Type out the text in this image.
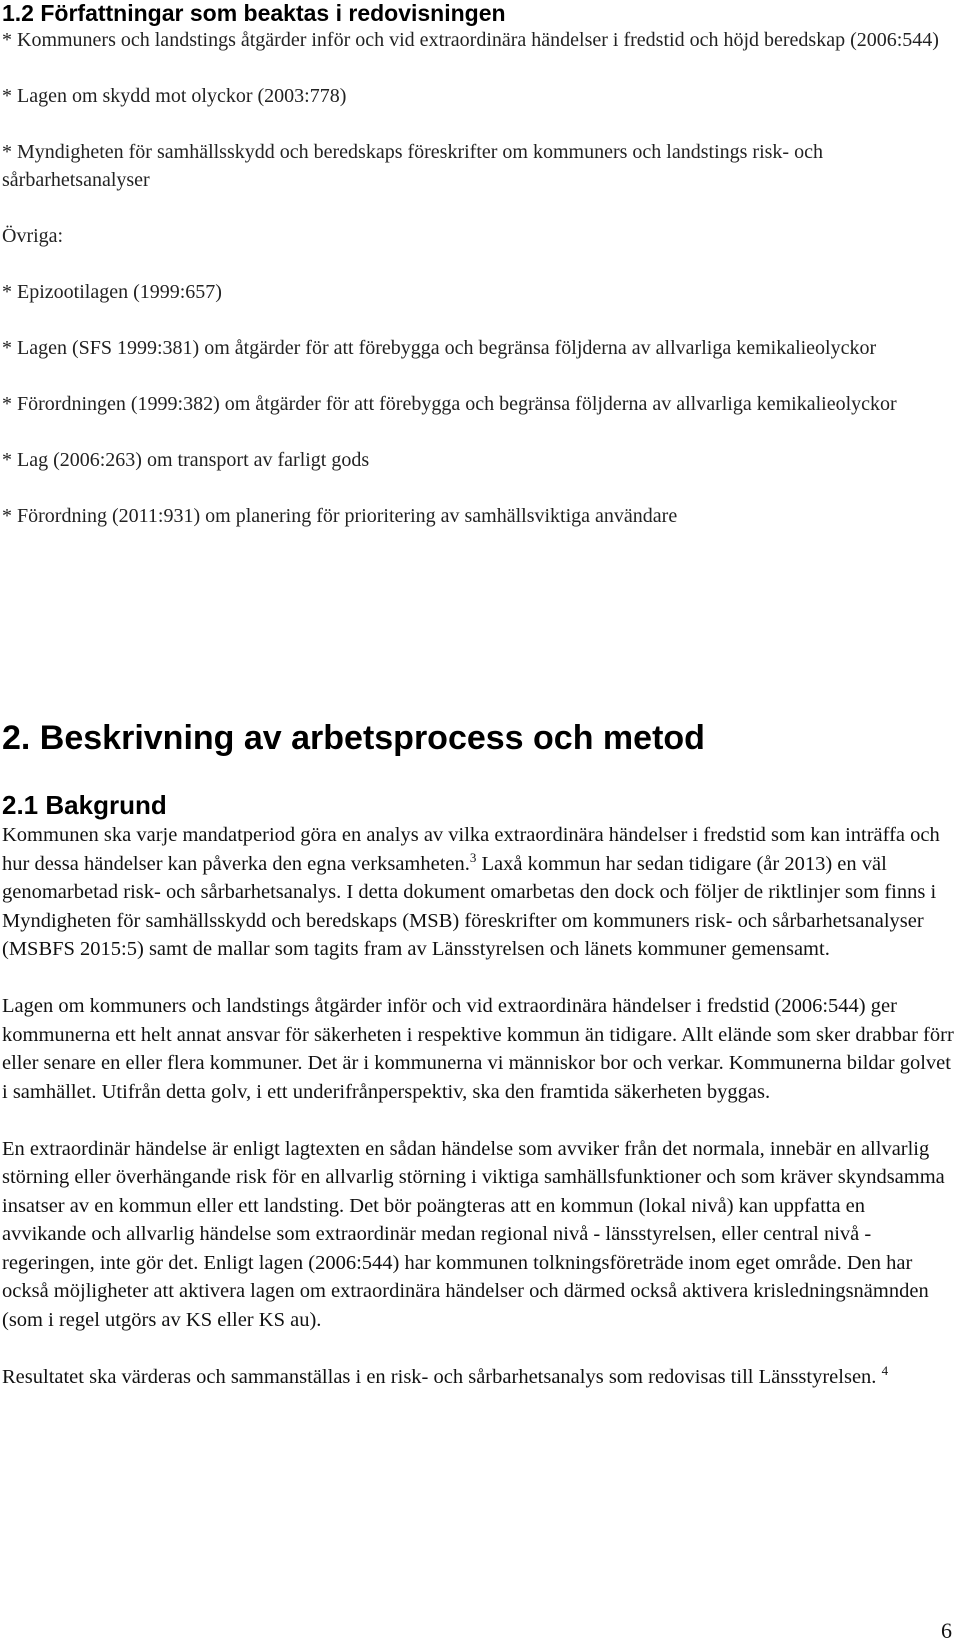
1.2 Författningar som beaktas i redovisningen

* Kommuners och landstings åtgärder inför och vid extraordinära händelser i fredstid och höjd beredskap (2006:544)

* Lagen om skydd mot olyckor (2003:778)

* Myndigheten för samhällsskydd och beredskaps föreskrifter om kommuners och landstings risk- och sårbarhetsanalyser

Övriga:

* Epizootilagen (1999:657)

* Lagen (SFS 1999:381) om åtgärder för att förebygga och begränsa följderna av allvarliga kemikalieolyckor

* Förordningen (1999:382) om åtgärder för att förebygga och begränsa följderna av allvarliga kemikalieolyckor

* Lag (2006:263) om transport av farligt gods

* Förordning (2011:931) om planering för prioritering av samhällsviktiga användare

2. Beskrivning av arbetsprocess och metod
2.1 Bakgrund

Kommunen ska varje mandatperiod göra en analys av vilka extraordinära händelser i fredstid som kan inträffa och hur dessa händelser kan påverka den egna verksamheten.$^3$ Laxå kommun har sedan tidigare (år 2013) en väl genomarbetad risk- och sårbarhetsanalys. I detta dokument omarbetas den dock och följer de riktlinjer som finns i Myndigheten för samhällsskydd och beredskaps (MSB) föreskrifter om kommuners risk- och sårbarhetsanalyser (MSBFS 2015:5) samt de mallar som tagits fram av Länsstyrelsen och länets kommuner gemensamt.

Lagen om kommuners och landstings åtgärder inför och vid extraordinära händelser i fredstid (2006:544) ger kommunerna ett helt annat ansvar för säkerheten i respektive kommun än tidigare. Allt elände som sker drabbar förr eller senare en eller flera kommuner. Det är i kommunerna vi människor bor och verkar. Kommunerna bildar golvet i samhället. Utifrån detta golv, i ett underifrånperspektiv, ska den framtida säkerheten byggas.

En extraordinär händelse är enligt lagtexten en sådan händelse som avviker från det normala, innebär en allvarlig störning eller överhängande risk för en allvarlig störning i viktiga samhällsfunktioner och som kräver skyndsamma insatser av en kommun eller ett landsting. Det bör poängteras att en kommun (lokal nivå) kan uppfatta en avvikande och allvarlig händelse som extraordinär medan regional nivå - länsstyrelsen, eller central nivå - regeringen, inte gör det. Enligt lagen (2006:544) har kommunen tolkningsföreträde inom eget område. Den har också möjligheter att aktivera lagen om extraordinära händelser och därmed också aktivera krisledningsnämnden (som i regel utgörs av KS eller KS au).

Resultatet ska värderas och sammanställas i en risk- och sårbarhetsanalys som redovisas till Länsstyrelsen. $^4$

6
